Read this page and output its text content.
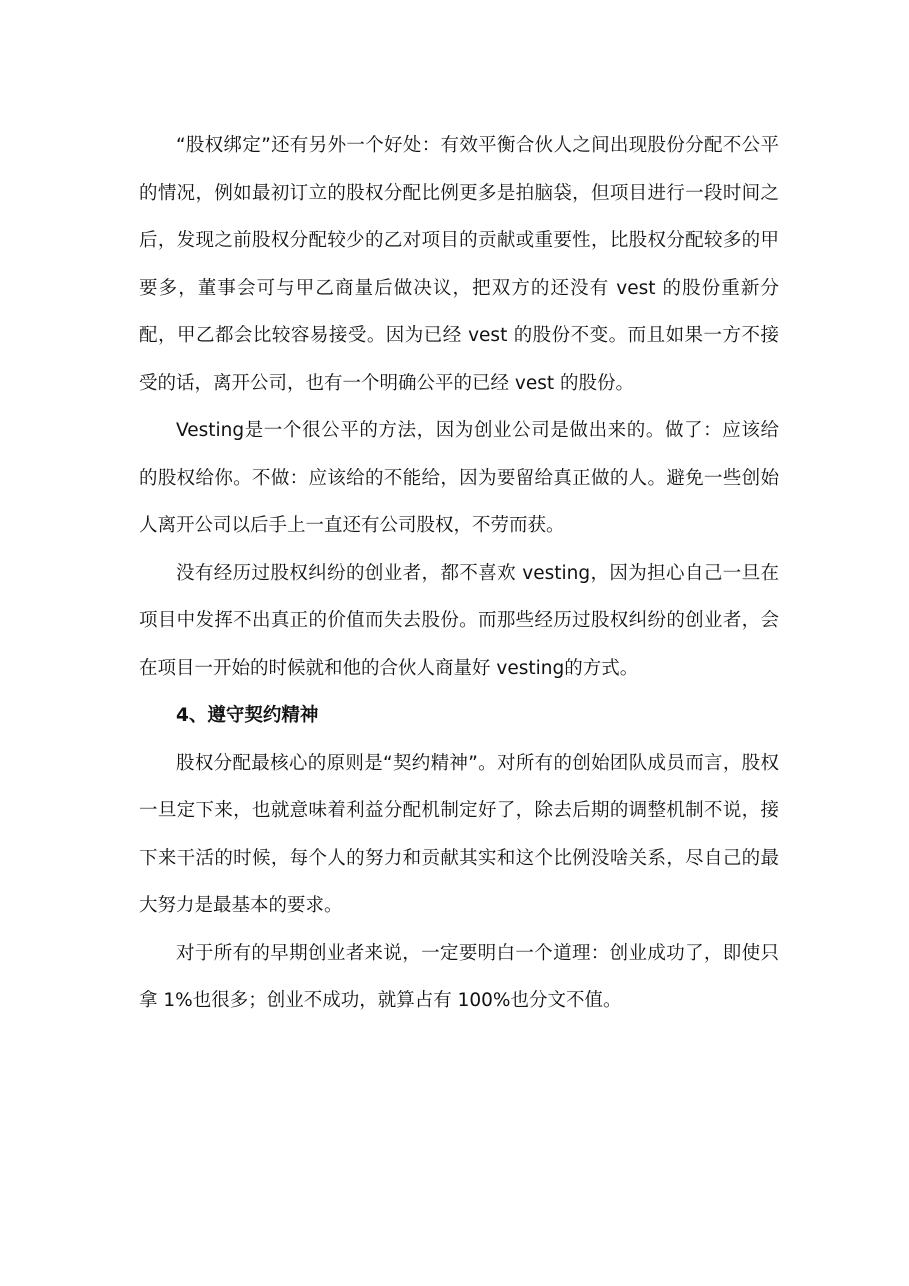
“股权绑定”还有另外一个好处：有效平衡合伙人之间出现股份分配不公平的情况，例如最初订立的股权分配比例更多是拍脑袋，但项目进行一段时间之后，发现之前股权分配较少的乙对项目的贡献或重要性，比股权分配较多的甲要多，董事会可与甲乙商量后做决议，把双方的还没有 vest 的股份重新分配，甲乙都会比较容易接受。因为已经 vest 的股份不变。而且如果一方不接受的话，离开公司，也有一个明确公平的已经 vest 的股份。

Vesting是一个很公平的方法，因为创业公司是做出来的。做了：应该给的股权给你。不做：应该给的不能给，因为要留给真正做的人。避免一些创始人离开公司以后手上一直还有公司股权，不劳而获。

没有经历过股权纠纷的创业者，都不喜欢 vesting，因为担心自己一旦在项目中发挥不出真正的价值而失去股份。而那些经历过股权纠纷的创业者，会在项目一开始的时候就和他的合伙人商量好 vesting的方式。

4、遵守契约精神

股权分配最核心的原则是“契约精神”。对所有的创始团队成员而言，股权一旦定下来，也就意味着利益分配机制定好了，除去后期的调整机制不说，接下来干活的时候，每个人的努力和贡献其实和这个比例没啥关系，尽自己的最大努力是最基本的要求。

对于所有的早期创业者来说，一定要明白一个道理：创业成功了，即使只拿 1%也很多；创业不成功，就算占有 100%也分文不值。
